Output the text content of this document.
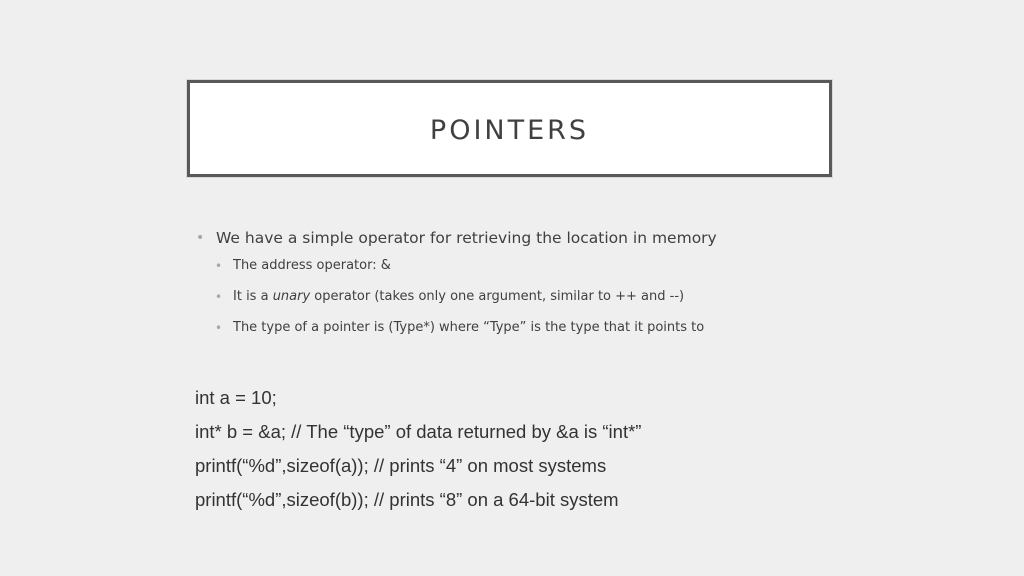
POINTERS
• We have a simple operator for retrieving the location in memory
• The address operator: &
• It is a unary operator (takes only one argument, similar to ++ and --)
• The type of a pointer is (Type*) where “Type” is the type that it points to
int a = 10;
int* b = &a; // The “type” of data returned by &a is “int*”
printf(“%d”,sizeof(a)); // prints “4” on most systems
printf(“%d”,sizeof(b)); // prints “8” on a 64-bit system
